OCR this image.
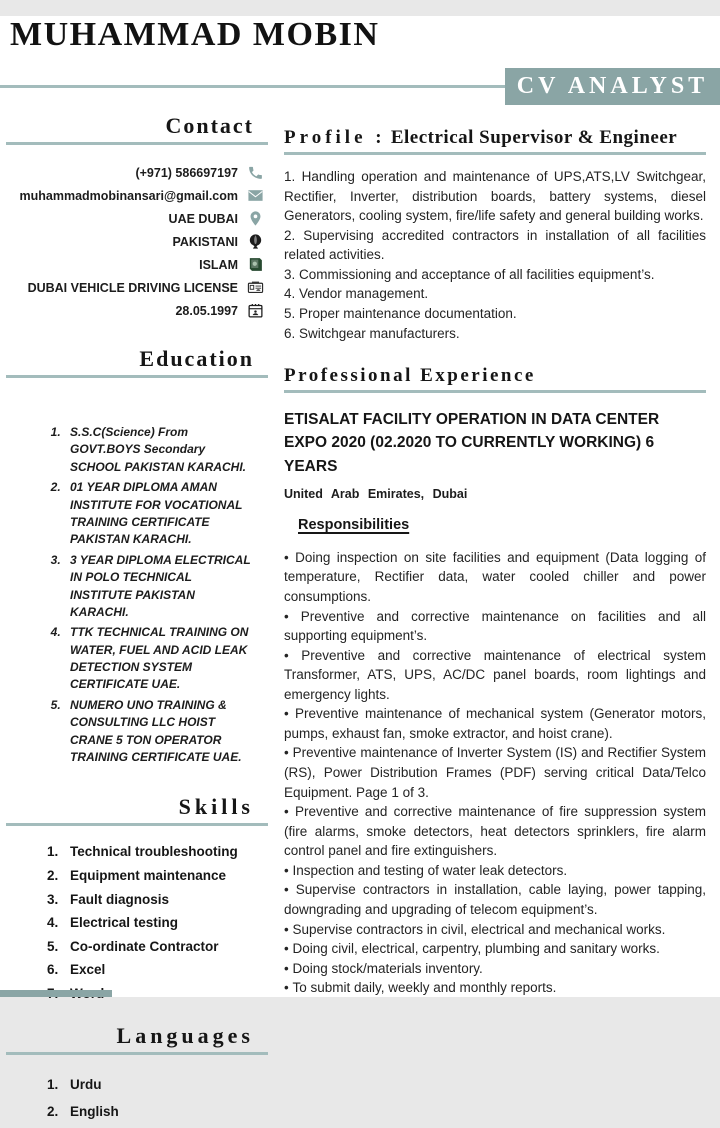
MUHAMMAD MOBIN
CV ANALYST
Contact
(+971) 586697197
muhammadmobinansari@gmail.com
UAE DUBAI
PAKISTANI
ISLAM
DUBAI VEHICLE DRIVING LICENSE
28.05.1997
Education
1. S.S.C(Science) From GOVT.BOYS Secondary SCHOOL PAKISTAN KARACHI.
2. 01 YEAR DIPLOMA AMAN INSTITUTE FOR VOCATIONAL TRAINING CERTIFICATE PAKISTAN KARACHI.
3. 3 YEAR DIPLOMA ELECTRICAL IN POLO TECHNICAL INSTITUTE PAKISTAN KARACHI.
4. TTK TECHNICAL TRAINING ON WATER, FUEL AND ACID LEAK DETECTION SYSTEM CERTIFICATE UAE.
5. NUMERO UNO TRAINING & CONSULTING LLC HOIST CRANE 5 TON OPERATOR TRAINING CERTIFICATE UAE.
Skills
1. Technical troubleshooting
2. Equipment maintenance
3. Fault diagnosis
4. Electrical testing
5. Co-ordinate Contractor
6. Excel
7.
Languages
1. Urdu
2. English
Profile : Electrical Supervisor & Engineer

1. Handling operation and maintenance of UPS,ATS,LV Switchgear, Rectifier, Inverter, distribution boards, battery systems, diesel Generators, cooling system, fire/life safety and general building works.

2. Supervising accredited contractors in installation of all facilities related activities.

3. Commissioning and acceptance of all facilities equipment’s.

4. Vendor management.

5. Proper maintenance documentation.

6. Switchgear manufacturers.

Professional Experience
ETISALAT FACILITY OPERATION IN DATA CENTER EXPO 2020 (02.2020 TO CURRENTLY WORKING) 6 YEARS
United Arab Emirates, Dubai
Responsibilities
• Doing inspection on site facilities and equipment (Data logging of temperature, Rectifier data, water cooled chiller and power consumptions.
• Preventive and corrective maintenance on facilities and all supporting equipment’s.
• Preventive and corrective maintenance of electrical system Transformer, ATS, UPS, AC/DC panel boards, room lightings and emergency lights.
• Preventive maintenance of mechanical system (Generator motors, pumps, exhaust fan, smoke extractor, and hoist crane).
• Preventive maintenance of Inverter System (IS) and Rectifier System (RS), Power Distribution Frames (PDF) serving critical Data/Telco Equipment. Page 1 of 3.
• Preventive and corrective maintenance of fire suppression system (fire alarms, smoke detectors, heat detectors sprinklers, fire alarm control panel and fire extinguishers.
• Inspection and testing of water leak detectors.
• Supervise contractors in installation, cable laying, power tapping, downgrading and upgrading of telecom equipment’s.
• Supervise contractors in civil, electrical and mechanical works.
• Doing civil, electrical, carpentry, plumbing and sanitary works.
• Doing stock/materials inventory.
• To submit daily, weekly and monthly reports.
